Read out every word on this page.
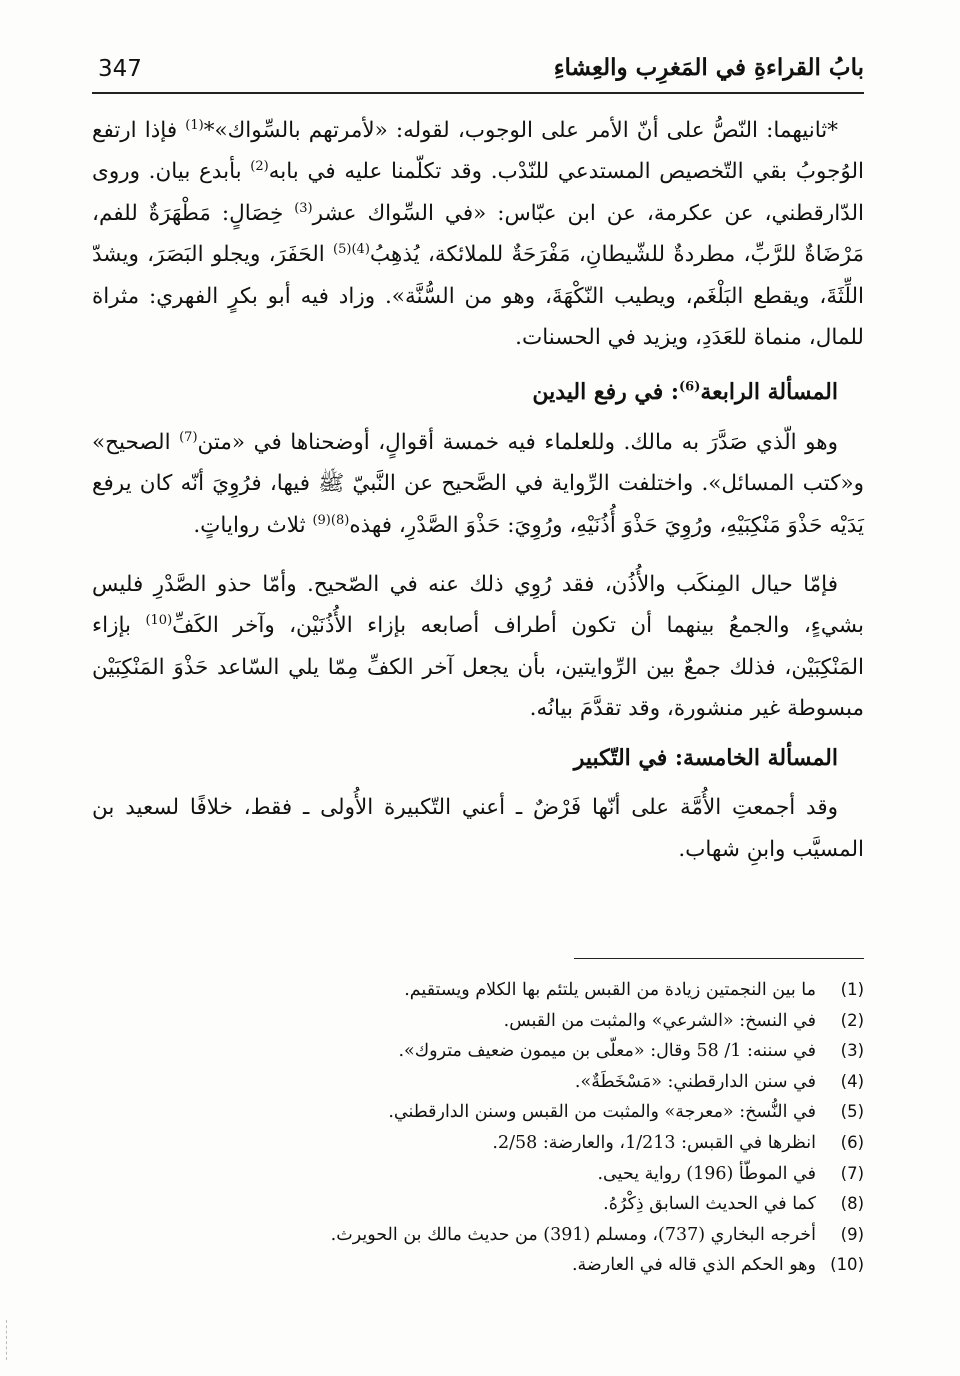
347	بابُ القراءةِ في المَغرِب والعِشاءِ

*ثانيهما: النّصُّ على أنّ الأمر على الوجوب، لقوله: «لأمرتهم بالسِّواك»*$^{(1)}$ فإذا ارتفع الوُجوبُ بقي التّخصيص المستدعي للنّدْب. وقد تكلّمنا عليه في بابه$^{(2)}$ بأبدع بيان. وروى الدّارقطني، عن عكرمة، عن ابن عبّاس: «في السِّواك عشر$^{(3)}$ خِصَالٍ: مَطْهَرَةٌ للفم، مَرْضَاةٌ للرَّبِّ، مطردةٌ للشّيطانِ، مَفْرَحَةٌ للملائكة، يُذهِبُ$^{(4)(5)}$ الحَفَرَ، ويجلو البَصَرَ، ويشدّ اللِّثَةَ، ويقطع البَلْغَم، ويطيب النّكْهَةَ، وهو من السُّنَّة». وزاد فيه أبو بكرٍ الفهري: مثراة للمال، منماة للعَدَدِ، ويزيد في الحسنات.

المسألة الرابعة$^{(6)}$: في رفع اليدين

وهو الّذي صَدَّرَ به مالك. وللعلماء فيه خمسة أقوالٍ، أوضحناها في «متن$^{(7)}$ الصحيح» و«كتب المسائل». واختلفت الرِّواية في الصَّحيح عن النَّبيّ ﷺ فيها، فرُوِيَ أنّه كان يرفع يَدَيْه حَذْوَ مَنْكِبَيْهِ، ورُوِيَ حَذْوَ أُذُنَيْهِ، ورُوِيَ: حَذْوَ الصَّدْرِ، فهذه$^{(8)(9)}$ ثلاث رواياتٍ.

فإمّا حيال المِنكَب والأُذُن، فقد رُوِي ذلك عنه في الصّحيح. وأمّا حذو الصَّدْرِ فليس بشيءٍ، والجمعُ بينهما أن تكون أطراف أصابعه بإزاء الأُذُنَيْن، وآخر الكَفِّ$^{(10)}$ بإزاء المَنْكِبَيْن، فذلك جمعٌ بين الرِّوايتين، بأن يجعل آخر الكفِّ مِمّا يلي السّاعد حَذْوَ المَنْكِبَيْن مبسوطة غير منشورة، وقد تقدَّمَ بيانُه.

المسألة الخامسة: في التّكبير

وقد أجمعتِ الأُمَّة على أنّها فَرْضٌ ـ أعني التّكبيرة الأُولى ـ فقط، خلافًا لسعيد بن المسيَّب وابنِ شهاب.

(1)
ما بين النجمتين زيادة من القبس يلتئم بها الكلام ويستقيم.
(2)
في النسخ: «الشرعي» والمثبت من القبس.
(3)
في سننه: 1/ 58 وقال: «معلّى بن ميمون ضعيف متروك».
(4)
في سنن الدارقطني: «مَسْخَطَةٌ».
(5)
في النُّسخ: «معرجة» والمثبت من القبس وسنن الدارقطني.
(6)
انظرها في القبس: 1/213، والعارضة: 2/58.
(7)
في الموطّأ (196) رواية يحيى.
(8)
كما في الحديث السابق ذِكْرُهُ.
(9)
أخرجه البخاري (737)، ومسلم (391) من حديث مالك بن الحويرث.
(10)
وهو الحكم الذي قاله في العارضة.
